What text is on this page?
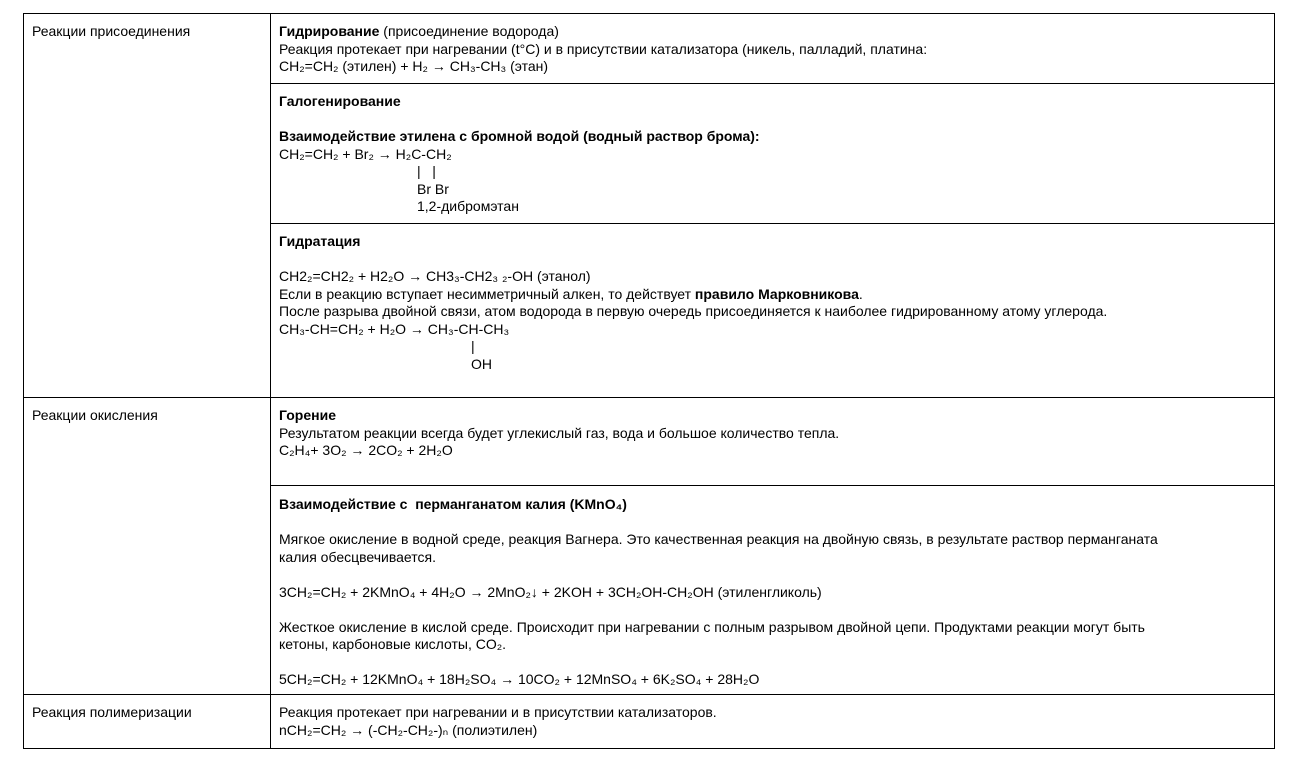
Реакции присоединения	Гидрирование (присоединение водорода)
Реакция протекает при нагревании (t°C) и в присутствии катализатора (никель, палладий, платина:
CH₂=CH₂ (этилен) + H₂ → CH₃-CH₃ (этан)
Галогенирование
Взаимодействие этилена с бромной водой (водный раствор брома):
CH₂=CH₂ + Br₂ → H₂C-CH₂
|   |
Br Br
1,2-дибромэтан
Гидратация
CH2₂=CH2₂ + H2₂O → CH3₃-CH2₃ ₂-OH (этанол)
Если в реакцию вступает несимметричный алкен, то действует правило Марковникова.
После разрыва двойной связи, атом водорода в первую очередь присоединяется к наиболее гидрированному атому углерода.
CH₃-CH=CH₂ + H₂O → CH₃-CH-CH₃
|
OH
Реакции окисления	Горение
Результатом реакции всегда будет углекислый газ, вода и большое количество тепла.
C₂H₄+ 3O₂ → 2CO₂ + 2H₂O
Взаимодействие с  перманганатом калия (KMnO₄)
Мягкое окисление в водной среде, реакция Вагнера. Это качественная реакция на двойную связь, в результате раствор перманганата
калия обесцвечивается.
3CH₂=CH₂ + 2KMnO₄ + 4H₂O → 2MnO₂↓ + 2KOH + 3CH₂OH-CH₂OH (этиленгликоль)
Жесткое окисление в кислой среде. Происходит при нагревании с полным разрывом двойной цепи. Продуктами реакции могут быть
кетоны, карбоновые кислоты, CO₂.
5CH₂=CH₂ + 12KMnO₄ + 18H₂SO₄ → 10CO₂ + 12MnSO₄ + 6K₂SO₄ + 28H₂O
Реакция полимеризации	Реакция протекает при нагревании и в присутствии катализаторов.
nCH₂=CH₂ → (-CH₂-CH₂-)ₙ (полиэтилен)
